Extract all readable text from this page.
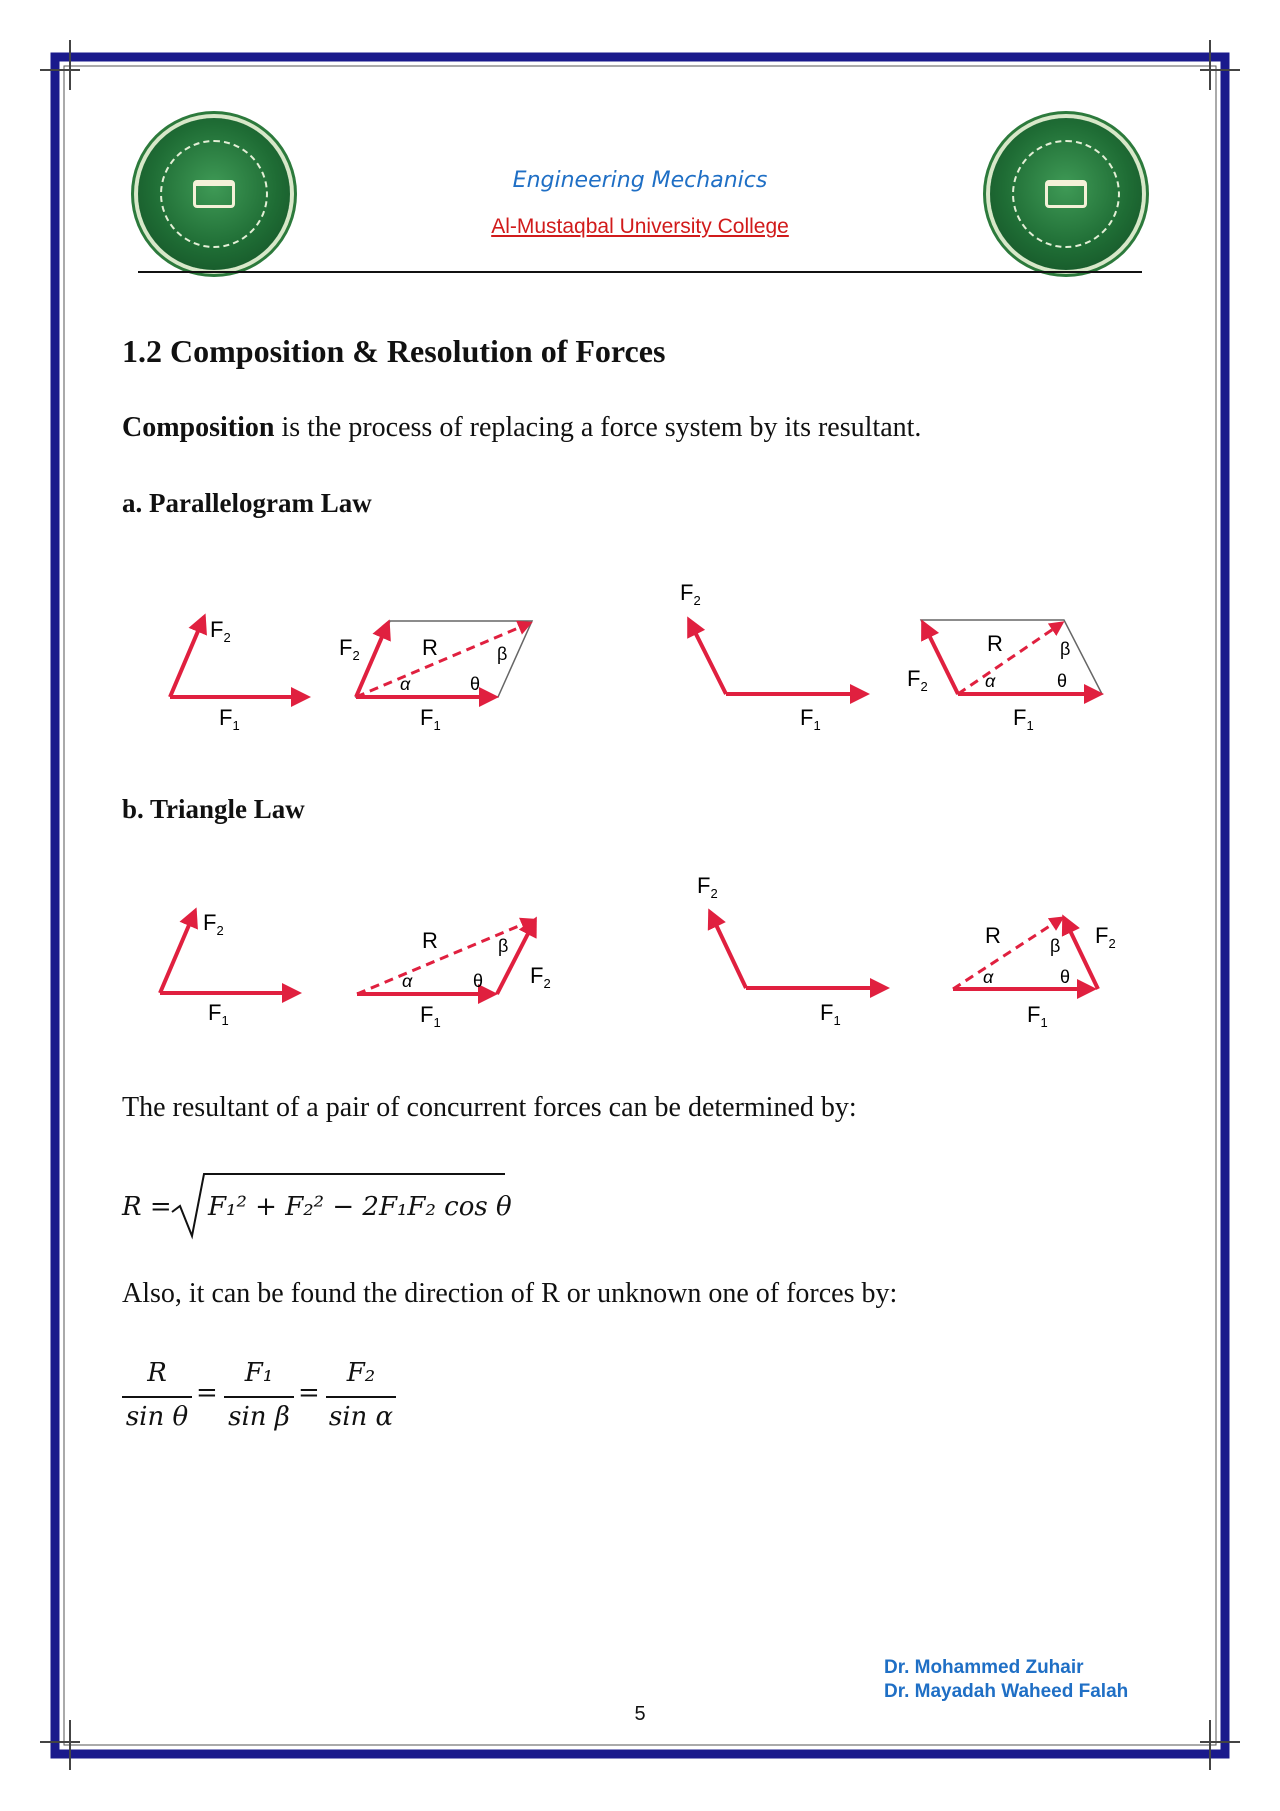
Engineering Mechanics
Al-Mustaqbal University College
1.2 Composition & Resolution of Forces
Composition is the process of replacing a force system by its resultant.
a. Parallelogram Law
$F_1$
$F_2$	$F_2$	R
$F_1$
α	θ
β
$F_2$
$F_1$
$F_2$
R
$F_1$
α	θ
β
$F_2$
$F_1$
R
$F_2$
$F_1$
α	θ
β
$F_2$
$F_1$
R	$F_2$
$F_1$
α	θ
β
b. Triangle Law
The resultant of a pair of concurrent forces can be determined by:
R = F₁² + F₂² − 2F₁F₂ cos θ
Also, it can be found the direction of R or unknown one of forces by:
R
sin θ
=
F₁
sin β
=
F₂
sin α
Dr. Mohammed Zuhair
Dr. Mayadah Waheed Falah
5
